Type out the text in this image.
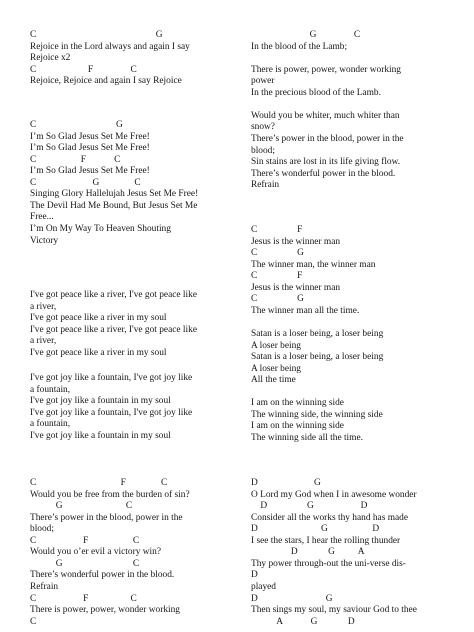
C                                                   G

Rejoice in the Lord always and again I say

Rejoice x2

C                      F                C

Rejoice, Rejoice and again I say Rejoice

C                                  G

I’m So Glad Jesus Set Me Free!

I’m So Glad Jesus Set Me Free!

C                   F            C

I’m So Glad Jesus Set Me Free!

C                        G               C

Singing Glory Hallelujah Jesus Set Me Free!

The Devil Had Me Bound, But Jesus Set Me

Free...

I’m On My Way To Heaven Shouting

Victory

I've got peace like a river, I've got peace like

a river,

I've got peace like a river in my soul

I've got peace like a river, I've got peace like

a river,

I've got peace like a river in my soul

I've got joy like a fountain, I've got joy like

a fountain,

I've got joy like a fountain in my soul

I've got joy like a fountain, I've got joy like

a fountain,

I've got joy like a fountain in my soul

C                                    F               C

Would you be free from the burden of sin?

G                           C

There’s power in the blood, power in the

blood;

C                    F                   C

Would you o’er evil a victory win?

G                              C

There’s wonderful power in the blood.

Refrain

C                    F                  C

There is power, power, wonder working

C

G                C

In the blood of the Lamb;

There is power, power, wonder working

power

In the precious blood of the Lamb.

Would you be whiter, much whiter than

snow?

There’s power in the blood, power in the

blood;

Sin stains are lost in its life giving flow.

There’s wonderful power in the blood.

Refrain

C                 F

Jesus is the winner man

C                 G

The winner man, the winner man

C                 F

Jesus is the winner man

C                 G

The winner man all the time.

Satan is a loser being, a loser being

A loser being

Satan is a loser being, a loser being

A loser being

All the time

I am on the winning side

The winning side, the winning side

I am on the winning side

The winning side all the time.

D                        G

O Lord my God when I in awesome wonder

D                 G                    D

Consider all the works thy hand has made

D                           G                   D

I see the stars, I hear the rolling thunder

D             G          A

Thy power through-out the uni-verse dis-

D

played

D                             G

Then sings my soul, my saviour God to thee

A            G             D
